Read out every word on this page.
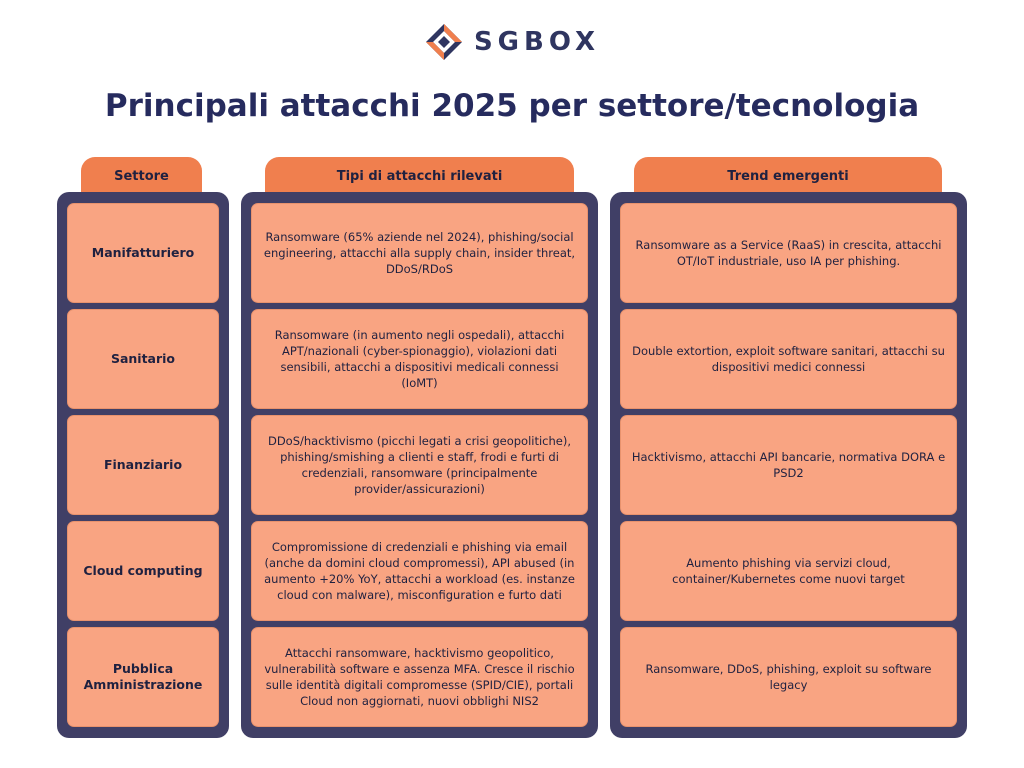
SGBOX
Principali attacchi 2025 per settore/tecnologia
Settore	Tipi di attacchi rilevati	Trend emergenti
Manifatturiero
Sanitario
Finanziario
Cloud computing
Pubblica Amministrazione
Ransomware (65% aziende nel 2024), phishing/social engineering, attacchi alla supply chain, insider threat, DDoS/RDoS
Ransomware (in aumento negli ospedali), attacchi APT/nazionali (cyber-spionaggio), violazioni dati sensibili, attacchi a dispositivi medicali connessi (IoMT)
DDoS/hacktivismo (picchi legati a crisi geopolitiche), phishing/smishing a clienti e staff, frodi e furti di credenziali, ransomware (principalmente provider/assicurazioni)
Compromissione di credenziali e phishing via email (anche da domini cloud compromessi), API abused (in aumento +20% YoY, attacchi a workload (es. instanze cloud con malware), misconfiguration e furto dati
Attacchi ransomware, hacktivismo geopolitico, vulnerabilità software e assenza MFA. Cresce il rischio sulle identità digitali compromesse (SPID/CIE), portali Cloud non aggiornati, nuovi obblighi NIS2
Ransomware as a Service (RaaS) in crescita, attacchi OT/IoT industriale, uso IA per phishing.
Double extortion, exploit software sanitari, attacchi su dispositivi medici connessi
Hacktivismo, attacchi API bancarie, normativa DORA e PSD2
Aumento phishing via servizi cloud, container/Kubernetes come nuovi target
Ransomware, DDoS, phishing, exploit su software legacy
